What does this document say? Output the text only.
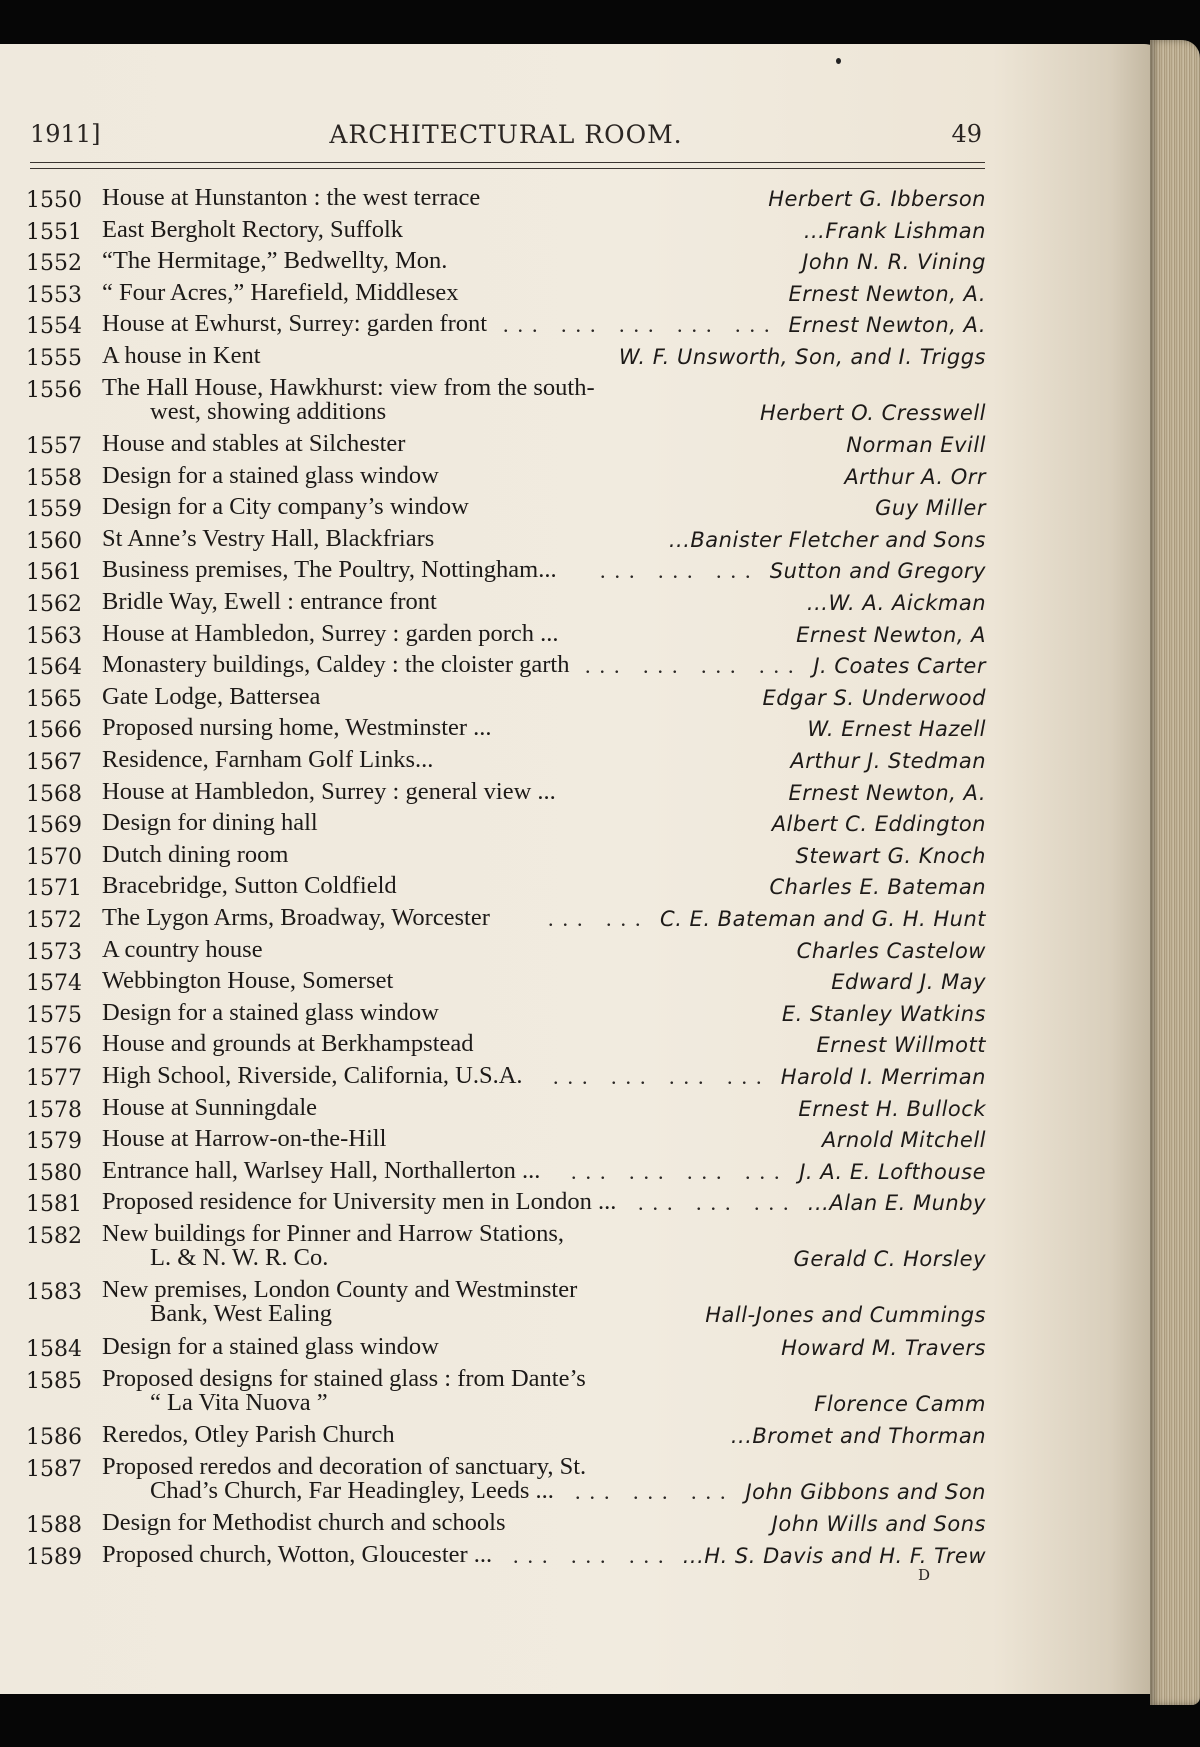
1911]	ARCHITECTURAL ROOM.	49
1550 House at Hunstanton : the west terrace	Herbert G. Ibberson
1551 East Bergholt Rectory, Suffolk	...Frank Lishman
1552 “The Hermitage,” Bedwellty, Mon.	John N. R. Vining
1553 “ Four Acres,” Harefield, Middlesex	Ernest Newton, A.
1554 House at Ewhurst, Surrey: garden front ... ... ... ... ... Ernest Newton, A.
1555 A house in Kent	W. F. Unsworth, Son, and I. Triggs
1556 The Hall House, Hawkhurst: view from the south-
west, showing additions	Herbert O. Cresswell
1557 House and stables at Silchester	Norman Evill
1558 Design for a stained glass window	Arthur A. Orr
1559 Design for a City company’s window	Guy Miller
1560 St Anne’s Vestry Hall, Blackfriars	...Banister Fletcher and Sons
1561 Business premises, The Poultry, Nottingham... ... ... ... Sutton and Gregory
1562 Bridle Way, Ewell : entrance front	...W. A. Aickman
1563 House at Hambledon, Surrey : garden porch ...	Ernest Newton, A
1564 Monastery buildings, Caldey : the cloister garth ... ... ... ... J. Coates Carter
1565 Gate Lodge, Battersea	Edgar S. Underwood
1566 Proposed nursing home, Westminster ...	W. Ernest Hazell
1567 Residence, Farnham Golf Links...	Arthur J. Stedman
1568 House at Hambledon, Surrey : general view ...	Ernest Newton, A.
1569 Design for dining hall	Albert C. Eddington
1570 Dutch dining room	Stewart G. Knoch
1571 Bracebridge, Sutton Coldfield	Charles E. Bateman
1572 The Lygon Arms, Broadway, Worcester	... ... C. E. Bateman and G. H. Hunt
1573 A country house	Charles Castelow
1574 Webbington House, Somerset	Edward J. May
1575 Design for a stained glass window	E. Stanley Watkins
1576 House and grounds at Berkhampstead	Ernest Willmott
1577 High School, Riverside, California, U.S.A. ... ... ... ... Harold I. Merriman
1578 House at Sunningdale	Ernest H. Bullock
1579 House at Harrow-on-the-Hill	Arnold Mitchell
1580 Entrance hall, Warlsey Hall, Northallerton ... ... ... ... ... J. A. E. Lofthouse
1581 Proposed residence for University men in London ... ... ... ... ...Alan E. Munby
1582 New buildings for Pinner and Harrow Stations,
L. & N. W. R. Co.	Gerald C. Horsley
1583 New premises, London County and Westminster
Bank, West Ealing	Hall-Jones and Cummings
1584 Design for a stained glass window	Howard M. Travers
1585 Proposed designs for stained glass : from Dante’s
“ La Vita Nuova ”	Florence Camm
1586 Reredos, Otley Parish Church	...Bromet and Thorman
1587 Proposed reredos and decoration of sanctuary, St.
Chad’s Church, Far Headingley, Leeds ... ... ... ... John Gibbons and Son
1588 Design for Methodist church and schools	John Wills and Sons
1589 Proposed church, Wotton, Gloucester ... ... ... ... ...H. S. Davis and H. F. Trew
D
